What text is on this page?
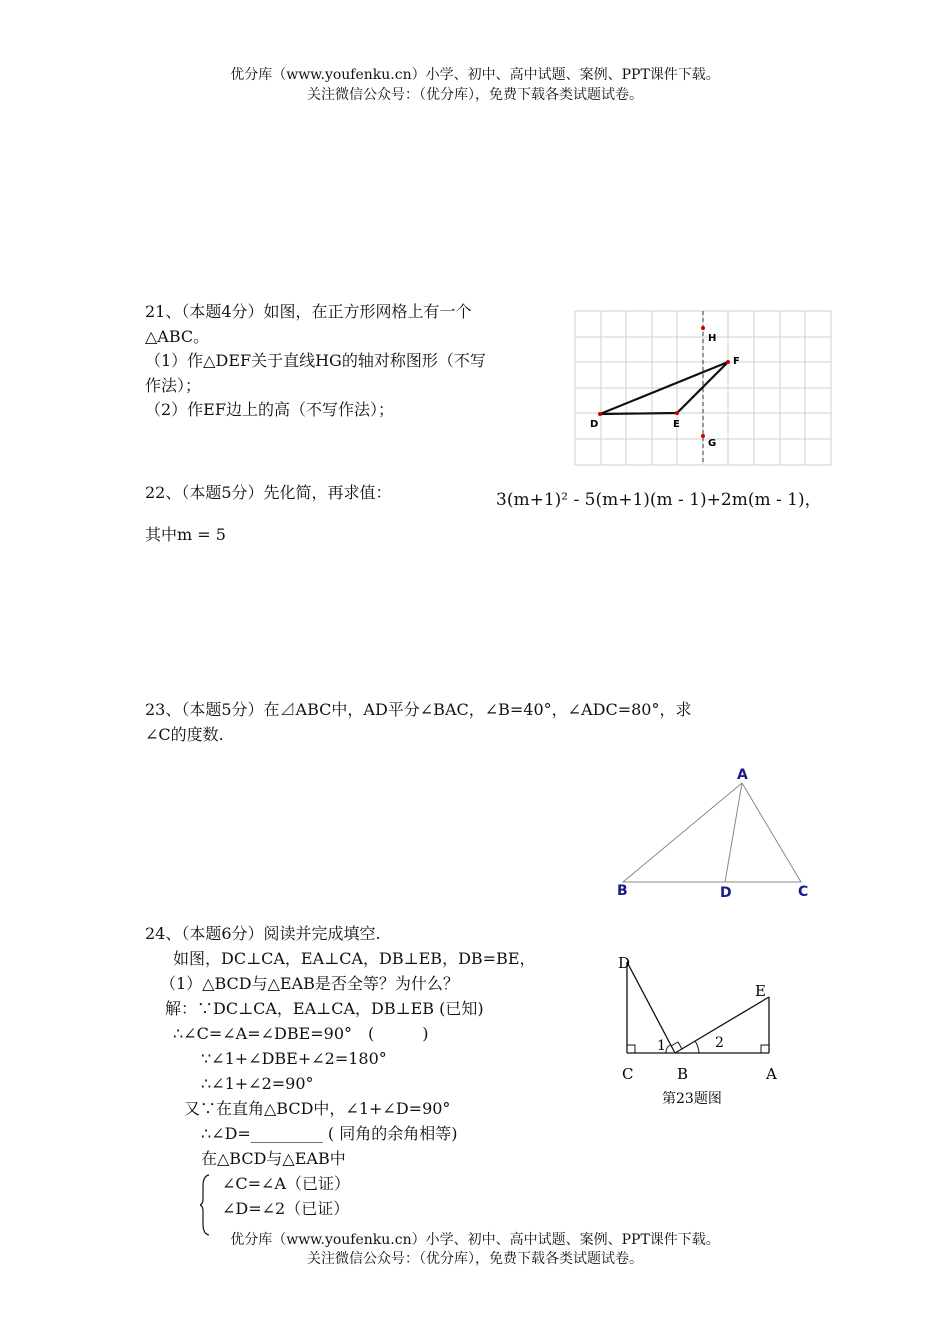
优分库（www.youfenku.cn）小学、初中、高中试题、案例、PPT课件下载。
关注微信公众号：（优分库），免费下载各类试题试卷。
21、（本题4分）如图，在正方形网格上有一个
△ABC。
（1）作△DEF关于直线HG的轴对称图形（不写
作法）；
（2）作EF边上的高（不写作法）；
H
F
D	E
G
22、（本题5分）先化简，再求值：	3(m+1)² - 5(m+1)(m - 1)+2m(m - 1)，
其中m = 5
23、（本题5分）在⊿ABC中，AD平分∠BAC，∠B=40°，∠ADC=80°，求
∠C的度数.
A
B	D	C
24、（本题6分）阅读并完成填空.
如图，DC⊥CA，EA⊥CA，DB⊥EB，DB=BE，
（1）△BCD与△EAB是否全等？为什么？
解：∵DC⊥CA，EA⊥CA，DB⊥EB (已知)
∴∠C=∠A=∠DBE=90°　(　　　)
∵∠1+∠DBE+∠2=180°
∴∠1+∠2=90°
又∵在直角△BCD中，∠1+∠D=90°
∴∠D=_________ ( 同角的余角相等)
在△BCD与△EAB中
∠C=∠A（已证）
∠D=∠2（已证）
D
E
C	B	A
1	2
第23题图
优分库（www.youfenku.cn）小学、初中、高中试题、案例、PPT课件下载。
关注微信公众号：（优分库），免费下载各类试题试卷。
